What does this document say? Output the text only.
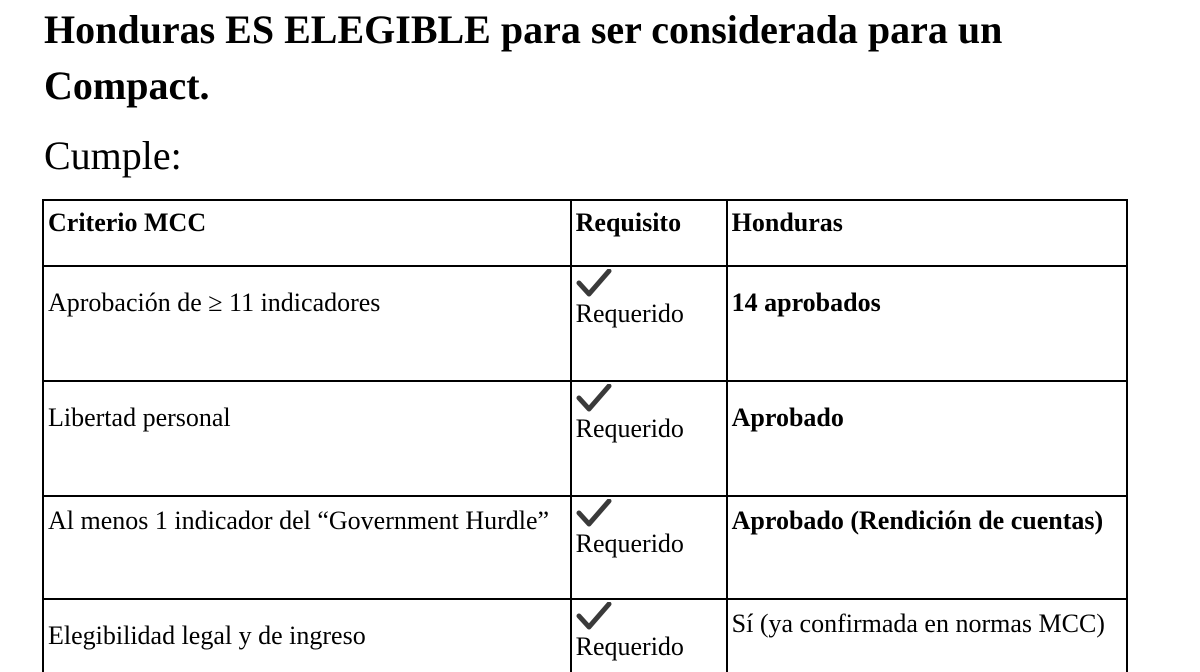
Honduras ES ELEGIBLE para ser considerada para un Compact.
Cumple:
Criterio MCC	Requisito	Honduras
Aprobación de ≥ 11 indicadores	Requerido	14 aprobados
Libertad personal	Requerido	Aprobado
Al menos 1 indicador del “Government Hurdle”	Requerido	Aprobado (Rendición de cuentas)
Elegibilidad legal y de ingreso	Requerido	Sí (ya confirmada en normas MCC)
